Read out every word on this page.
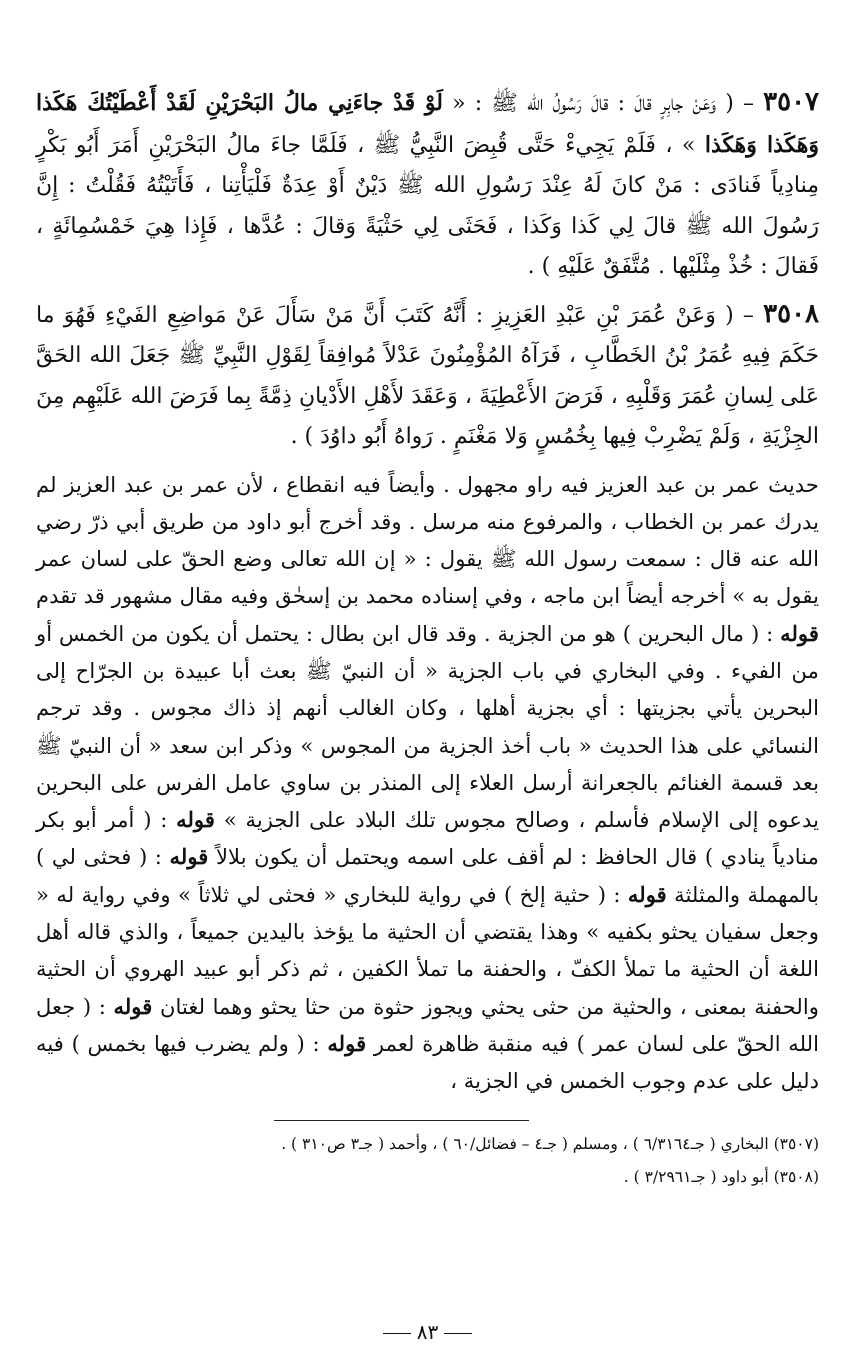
٣٥٠٧ – ( وَعَنْ جابِرٍ قالَ : قالَ رَسُولُ الله ﷺ : « لَوْ قَدْ جاءَنِي مالُ البَحْرَيْنِ لَقَدْ أَعْطَيْتُكَ هَكَذا وَهَكَذا وَهَكَذا » ، فَلَمْ يَجِيءْ حَتَّى قُبِضَ النَّبِيُّ ﷺ ، فَلَمَّا جاءَ مالُ البَحْرَيْنِ أَمَرَ أَبُو بَكْرٍ مِنادِياً فَنادَى : مَنْ كانَ لَهُ عِنْدَ رَسُولِ الله ﷺ دَيْنٌ أَوْ عِدَةٌ فَلْيَأْتِنا ، فَأَتَيْتُهُ فَقُلْتُ : إِنَّ رَسُولَ الله ﷺ قالَ لِي كَذا وَكَذا ، فَحَثَى لِي حَثْيَةً وَقالَ : عُدَّها ، فَإِذا هِيَ خَمْسُمِائَةٍ ، فَقالَ : خُذْ مِثْلَيْها . مُتَّفَقٌ عَلَيْهِ ) .

٣٥٠٨ – ( وَعَنْ عُمَرَ بْنِ عَبْدِ العَزِيزِ : أَنَّهُ كَتَبَ أَنَّ مَنْ سَأَلَ عَنْ مَواضِعِ الفَيْءِ فَهُوَ ما حَكَمَ فِيهِ عُمَرُ بْنُ الخَطَّابِ ، فَرَآهُ المُؤْمِنُونَ عَدْلاً مُوافِقاً لِقَوْلِ النَّبِيِّ ﷺ جَعَلَ الله الحَقَّ عَلى لِسانِ عُمَرَ وَقَلْبِهِ ، فَرَضَ الأَعْطِيَةَ ، وَعَقَدَ لأَهْلِ الأَدْيانِ ذِمَّةً بِما فَرَضَ الله عَلَيْهِم مِنَ الجِزْيَةِ ، وَلَمْ يَضْرِبْ فِيها بِخُمُسٍ وَلا مَغْنَمٍ . رَواهُ أَبُو داوُدَ ) .

حديث عمر بن عبد العزيز فيه راو مجهول . وأيضاً فيه انقطاع ، لأن عمر بن عبد العزيز لم يدرك عمر بن الخطاب ، والمرفوع منه مرسل . وقد أخرج أبو داود من طريق أبي ذرّ رضي الله عنه قال : سمعت رسول الله ﷺ يقول : « إن الله تعالى وضع الحقّ على لسان عمر يقول به » أخرجه أيضاً ابن ماجه ، وفي إسناده محمد بن إسحٰق وفيه مقال مشهور قد تقدم قوله : ( مال البحرين ) هو من الجزية . وقد قال ابن بطال : يحتمل أن يكون من الخمس أو من الفيء . وفي البخاري في باب الجزية « أن النبيّ ﷺ بعث أبا عبيدة بن الجرّاح إلى البحرين يأتي بجزيتها : أي بجزية أهلها ، وكان الغالب أنهم إذ ذاك مجوس . وقد ترجم النسائي على هذا الحديث « باب أخذ الجزية من المجوس » وذكر ابن سعد « أن النبيّ ﷺ بعد قسمة الغنائم بالجعرانة أرسل العلاء إلى المنذر بن ساوي عامل الفرس على البحرين يدعوه إلى الإسلام فأسلم ، وصالح مجوس تلك البلاد على الجزية » قوله : ( أمر أبو بكر منادياً ينادي ) قال الحافظ : لم أقف على اسمه ويحتمل أن يكون بلالاً قوله : ( فحثى لي ) بالمهملة والمثلثة قوله : ( حثية إلخ ) في رواية للبخاري « فحثى لي ثلاثاً » وفي رواية له « وجعل سفيان يحثو بكفيه » وهذا يقتضي أن الحثية ما يؤخذ باليدين جميعاً ، والذي قاله أهل اللغة أن الحثية ما تملأ الكفّ ، والحفنة ما تملأ الكفين ، ثم ذكر أبو عبيد الهروي أن الحثية والحفنة بمعنى ، والحثية من حثى يحثي ويجوز حثوة من حثا يحثو وهما لغتان قوله : ( جعل الله الحقّ على لسان عمر ) فيه منقبة ظاهرة لعمر قوله : ( ولم يضرب فيها بخمس ) فيه دليل على عدم وجوب الخمس في الجزية ،

(٣٥٠٧) البخاري ( جـ٦/٣١٦٤ ) ، ومسلم ( جـ٤ – فضائل/٦٠ ) ، وأحمد ( جـ٣ ص٣١٠ ) .

(٣٥٠٨) أبو داود ( جـ٣/٢٩٦١ ) .

٨٣
